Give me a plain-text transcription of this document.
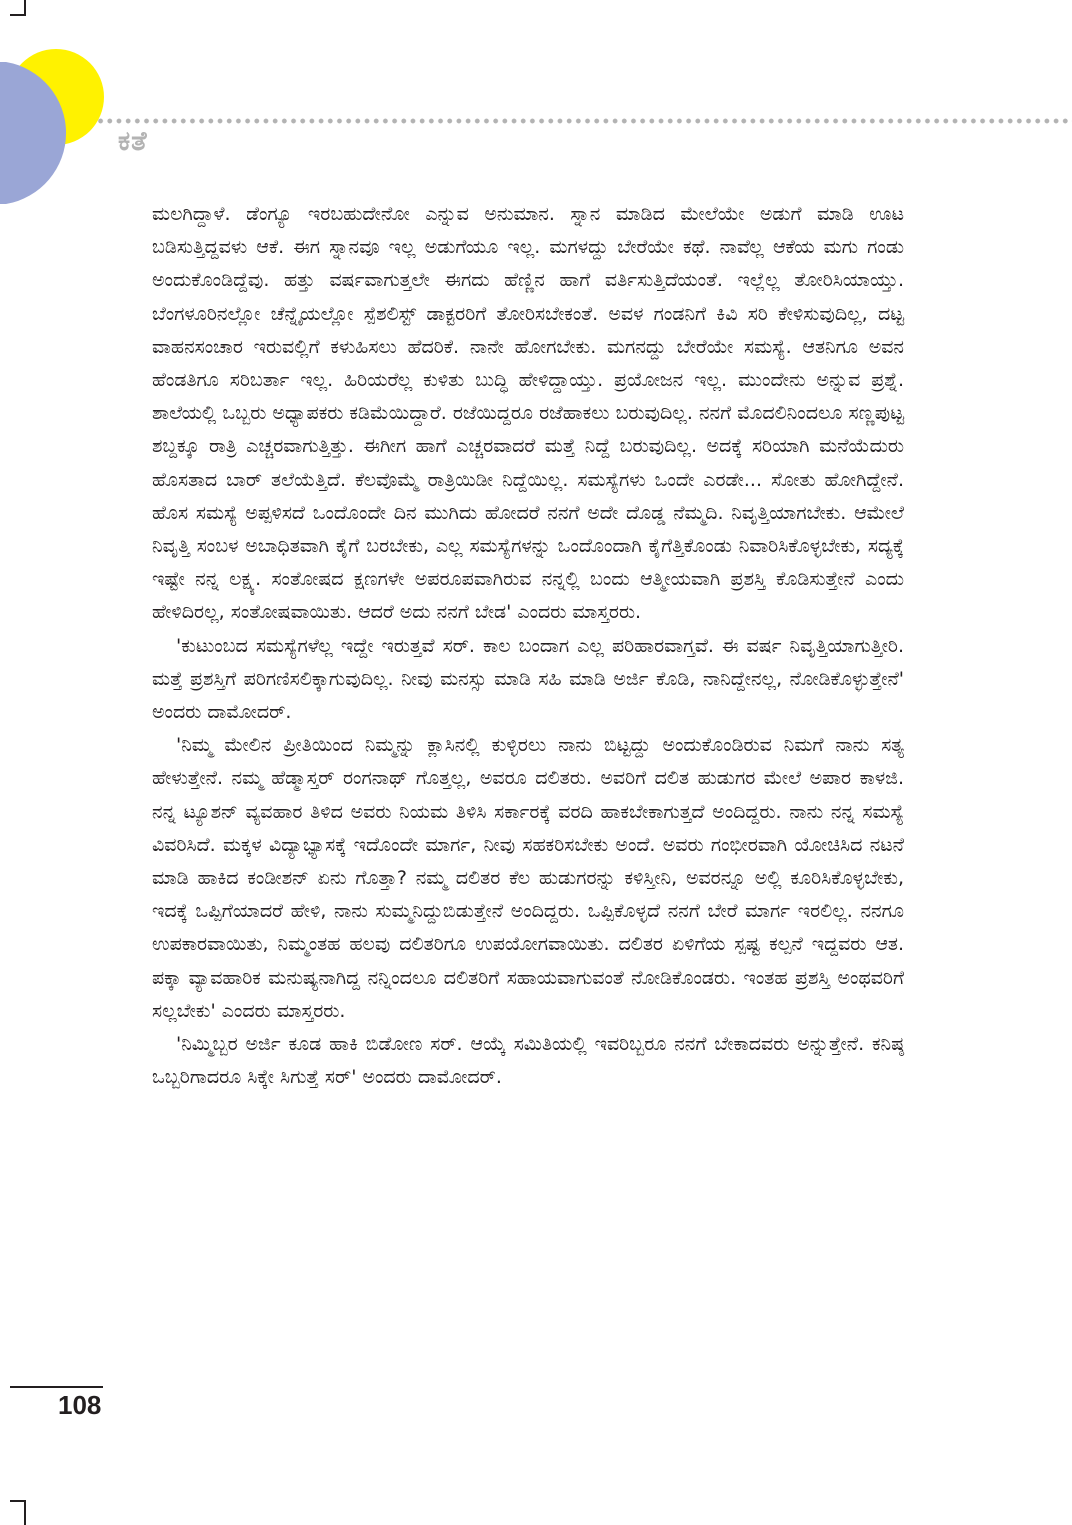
ಕತೆ

ಮಲಗಿದ್ದಾಳೆ. ಡೆಂಗ್ಯೂ ಇರಬಹುದೇನೋ ಎನ್ನುವ ಅನುಮಾನ. ಸ್ನಾನ ಮಾಡಿದ ಮೇಲೆಯೇ ಅಡುಗೆ ಮಾಡಿ ಊಟ ಬಡಿಸುತ್ತಿದ್ದವಳು ಆಕೆ. ಈಗ ಸ್ನಾನವೂ ಇಲ್ಲ ಅಡುಗೆಯೂ ಇಲ್ಲ. ಮಗಳದ್ದು ಬೇರೆಯೇ ಕಥೆ. ನಾವೆಲ್ಲ ಆಕೆಯ ಮಗು ಗಂಡು ಅಂದುಕೊಂಡಿದ್ದೆವು. ಹತ್ತು ವರ್ಷವಾಗುತ್ತಲೇ ಈಗದು ಹೆಣ್ಣಿನ ಹಾಗೆ ವರ್ತಿಸುತ್ತಿದೆಯಂತೆ. ಇಲ್ಲೆಲ್ಲ ತೋರಿಸಿಯಾಯ್ತು. ಬೆಂಗಳೂರಿನಲ್ಲೋ ಚೆನ್ನೈಯಲ್ಲೋ ಸ್ಪೆಶಲಿಸ್ಟ್ ಡಾಕ್ಟರರಿಗೆ ತೋರಿಸಬೇಕಂತೆ. ಅವಳ ಗಂಡನಿಗೆ ಕಿವಿ ಸರಿ ಕೇಳಿಸುವುದಿಲ್ಲ, ದಟ್ಟ ವಾಹನಸಂಚಾರ ಇರುವಲ್ಲಿಗೆ ಕಳುಹಿಸಲು ಹೆದರಿಕೆ. ನಾನೇ ಹೋಗಬೇಕು. ಮಗನದ್ದು ಬೇರೆಯೇ ಸಮಸ್ಯೆ. ಆತನಿಗೂ ಅವನ ಹೆಂಡತಿಗೂ ಸರಿಬರ್ತಾ ಇಲ್ಲ. ಹಿರಿಯರೆಲ್ಲ ಕುಳಿತು ಬುದ್ಧಿ ಹೇಳಿದ್ದಾಯ್ತು. ಪ್ರಯೋಜನ ಇಲ್ಲ. ಮುಂದೇನು ಅನ್ನುವ ಪ್ರಶ್ನೆ. ಶಾಲೆಯಲ್ಲಿ ಒಬ್ಬರು ಅಧ್ಯಾಪಕರು ಕಡಿಮೆಯಿದ್ದಾರೆ. ರಜೆಯಿದ್ದರೂ ರಜೆಹಾಕಲು ಬರುವುದಿಲ್ಲ. ನನಗೆ ಮೊದಲಿನಿಂದಲೂ ಸಣ್ಣಪುಟ್ಟ ಶಬ್ದಕ್ಕೂ ರಾತ್ರಿ ಎಚ್ಚರವಾಗುತ್ತಿತ್ತು. ಈಗೀಗ ಹಾಗೆ ಎಚ್ಚರವಾದರೆ ಮತ್ತೆ ನಿದ್ದೆ ಬರುವುದಿಲ್ಲ. ಅದಕ್ಕೆ ಸರಿಯಾಗಿ ಮನೆಯೆದುರು ಹೊಸತಾದ ಬಾರ್ ತಲೆಯೆತ್ತಿದೆ. ಕೆಲವೊಮ್ಮೆ ರಾತ್ರಿಯಿಡೀ ನಿದ್ದೆಯಿಲ್ಲ. ಸಮಸ್ಯೆಗಳು ಒಂದೇ ಎರಡೇ... ಸೋತು ಹೋಗಿದ್ದೇನೆ. ಹೊಸ ಸಮಸ್ಯೆ ಅಪ್ಪಳಿಸದೆ ಒಂದೊಂದೇ ದಿನ ಮುಗಿದು ಹೋದರೆ ನನಗೆ ಅದೇ ದೊಡ್ಡ ನೆಮ್ಮದಿ. ನಿವೃತ್ತಿಯಾಗಬೇಕು. ಆಮೇಲೆ ನಿವೃತ್ತಿ ಸಂಬಳ ಅಬಾಧಿತವಾಗಿ ಕೈಗೆ ಬರಬೇಕು, ಎಲ್ಲ ಸಮಸ್ಯೆಗಳನ್ನು ಒಂದೊಂದಾಗಿ ಕೈಗೆತ್ತಿಕೊಂಡು ನಿವಾರಿಸಿಕೊಳ್ಳಬೇಕು, ಸದ್ಯಕ್ಕೆ ಇಷ್ಟೇ ನನ್ನ ಲಕ್ಷ್ಯ. ಸಂತೋಷದ ಕ್ಷಣಗಳೇ ಅಪರೂಪವಾಗಿರುವ ನನ್ನಲ್ಲಿ ಬಂದು ಆತ್ಮೀಯವಾಗಿ ಪ್ರಶಸ್ತಿ ಕೊಡಿಸುತ್ತೇನೆ ಎಂದು ಹೇಳಿದಿರಲ್ಲ, ಸಂತೋಷವಾಯಿತು. ಆದರೆ ಅದು ನನಗೆ ಬೇಡ' ಎಂದರು ಮಾಸ್ತರರು.

'ಕುಟುಂಬದ ಸಮಸ್ಯೆಗಳೆಲ್ಲ ಇದ್ದೇ ಇರುತ್ತವೆ ಸರ್. ಕಾಲ ಬಂದಾಗ ಎಲ್ಲ ಪರಿಹಾರವಾಗ್ತವೆ. ಈ ವರ್ಷ ನಿವೃತ್ತಿಯಾಗುತ್ತೀರಿ. ಮತ್ತೆ ಪ್ರಶಸ್ತಿಗೆ ಪರಿಗಣಿಸಲಿಕ್ಕಾಗುವುದಿಲ್ಲ. ನೀವು ಮನಸ್ಸು ಮಾಡಿ ಸಹಿ ಮಾಡಿ ಅರ್ಜಿ ಕೊಡಿ, ನಾನಿದ್ದೇನಲ್ಲ, ನೋಡಿಕೊಳ್ಳುತ್ತೇನೆ' ಅಂದರು ದಾಮೋದರ್.

'ನಿಮ್ಮ ಮೇಲಿನ ಪ್ರೀತಿಯಿಂದ ನಿಮ್ಮನ್ನು ಕ್ಲಾಸಿನಲ್ಲಿ ಕುಳ್ಳಿರಲು ನಾನು ಬಿಟ್ಟದ್ದು ಅಂದುಕೊಂಡಿರುವ ನಿಮಗೆ ನಾನು ಸತ್ಯ ಹೇಳುತ್ತೇನೆ. ನಮ್ಮ ಹೆಡ್ಮಾಸ್ತರ್ ರಂಗನಾಥ್ ಗೊತ್ತಲ್ಲ, ಅವರೂ ದಲಿತರು. ಅವರಿಗೆ ದಲಿತ ಹುಡುಗರ ಮೇಲೆ ಅಪಾರ ಕಾಳಜಿ. ನನ್ನ ಟ್ಯೂಶನ್ ವ್ಯವಹಾರ ತಿಳಿದ ಅವರು ನಿಯಮ ತಿಳಿಸಿ ಸರ್ಕಾರಕ್ಕೆ ವರದಿ ಹಾಕಬೇಕಾಗುತ್ತದೆ ಅಂದಿದ್ದರು. ನಾನು ನನ್ನ ಸಮಸ್ಯೆ ವಿವರಿಸಿದೆ. ಮಕ್ಕಳ ವಿದ್ಯಾಭ್ಯಾಸಕ್ಕೆ ಇದೊಂದೇ ಮಾರ್ಗ, ನೀವು ಸಹಕರಿಸಬೇಕು ಅಂದೆ. ಅವರು ಗಂಭೀರವಾಗಿ ಯೋಚಿಸಿದ ನಟನೆ ಮಾಡಿ ಹಾಕಿದ ಕಂಡೀಶನ್ ಏನು ಗೊತ್ತಾ? ನಮ್ಮ ದಲಿತರ ಕೆಲ ಹುಡುಗರನ್ನು ಕಳಿಸ್ತೀನಿ, ಅವರನ್ನೂ ಅಲ್ಲಿ ಕೂರಿಸಿಕೊಳ್ಳಬೇಕು, ಇದಕ್ಕೆ ಒಪ್ಪಿಗೆಯಾದರೆ ಹೇಳಿ, ನಾನು ಸುಮ್ಮನಿದ್ದುಬಿಡುತ್ತೇನೆ ಅಂದಿದ್ದರು. ಒಪ್ಪಿಕೊಳ್ಳದೆ ನನಗೆ ಬೇರೆ ಮಾರ್ಗ ಇರಲಿಲ್ಲ. ನನಗೂ ಉಪಕಾರವಾಯಿತು, ನಿಮ್ಮಂತಹ ಹಲವು ದಲಿತರಿಗೂ ಉಪಯೋಗವಾಯಿತು. ದಲಿತರ ಏಳಿಗೆಯ ಸ್ಪಷ್ಟ ಕಲ್ಪನೆ ಇದ್ದವರು ಆತ. ಪಕ್ಕಾ ವ್ಯಾವಹಾರಿಕ ಮನುಷ್ಯನಾಗಿದ್ದ ನನ್ನಿಂದಲೂ ದಲಿತರಿಗೆ ಸಹಾಯವಾಗುವಂತೆ ನೋಡಿಕೊಂಡರು. ಇಂತಹ ಪ್ರಶಸ್ತಿ ಅಂಥವರಿಗೆ ಸಲ್ಲಬೇಕು' ಎಂದರು ಮಾಸ್ತರರು.

'ನಿಮ್ಮಿಬ್ಬರ ಅರ್ಜಿ ಕೂಡ ಹಾಕಿ ಬಿಡೋಣ ಸರ್. ಆಯ್ಕೆ ಸಮಿತಿಯಲ್ಲಿ ಇವರಿಬ್ಬರೂ ನನಗೆ ಬೇಕಾದವರು ಅನ್ನುತ್ತೇನೆ. ಕನಿಷ್ಠ ಒಬ್ಬರಿಗಾದರೂ ಸಿಕ್ಕೇ ಸಿಗುತ್ತೆ ಸರ್' ಅಂದರು ದಾಮೋದರ್.

108
